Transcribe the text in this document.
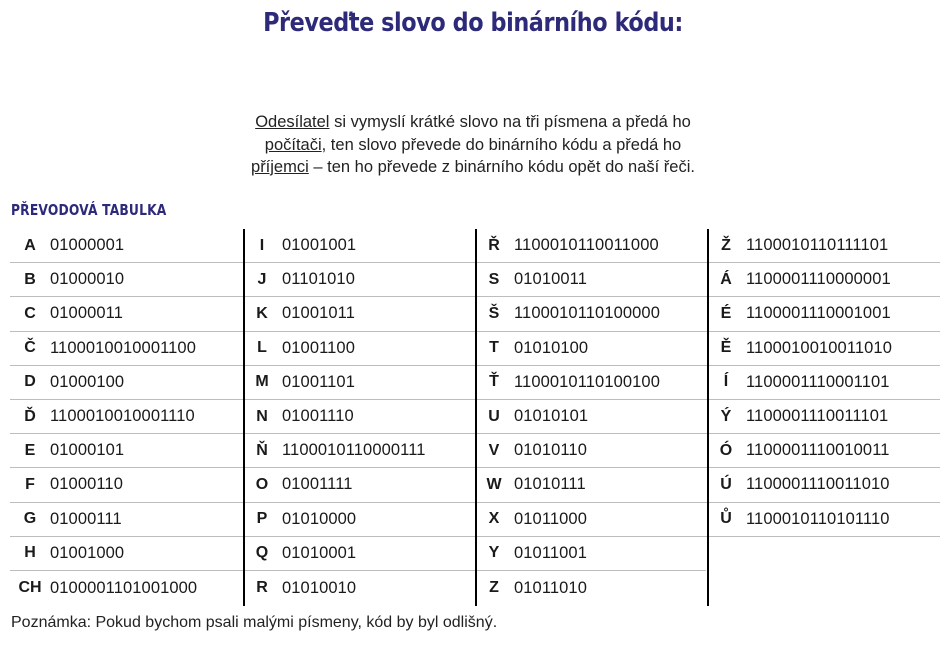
Převeďte slovo do binárního kódu:
Odesílatel si vymyslí krátké slovo na tři písmena a předá ho
počítači, ten slovo převede do binárního kódu a předá ho
příjemci – ten ho převede z binárního kódu opět do naší řeči.
PŘEVODOVÁ TABULKA
A 01000001
B 01000010
C 01000011
Č 1100010010001100
D 01000100
Ď 1100010010001110
E 01000101
F 01000110
G 01000111
H 01001000
CH 0100001101001000
I	01001001
J 01101010
K 01001011
L 01001100
M 01001101
N 01001110
Ň 1100010110000111
O 01001111
P 01010000
Q 01010001
R 01010010
Ř 1100010110011000
S 01010011
Š 1100010110100000
T 01010100
Ť 1100010110100100
U 01010101
V 01010110
W 01010111
X 01011000
Y 01011001
Z 01011010
Ž 1100010110111101
Á 1100001110000001
É 1100001110001001
Ě 1100010010011010
Í	1100001110001101
Ý 1100001110011101
Ó 1100001110010011
Ú 1100001110011010
Ů 1100010110101110
Poznámka: Pokud bychom psali malými písmeny, kód by byl odlišný.
